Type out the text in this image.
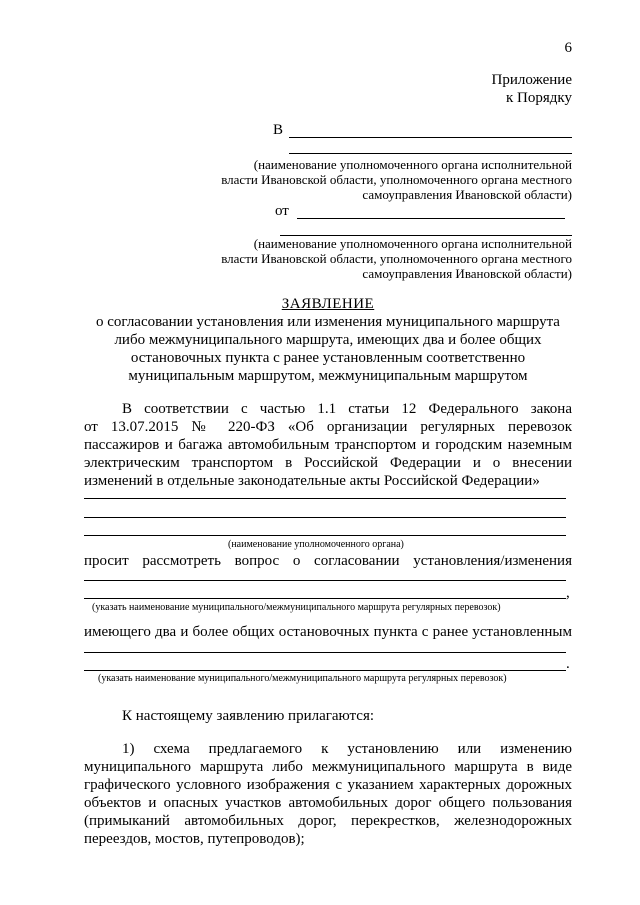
6
Приложение
к Порядку
В
(наименование уполномоченного органа исполнительной
власти Ивановской области, уполномоченного органа местного
самоуправления Ивановской области)
от
(наименование уполномоченного органа исполнительной
власти Ивановской области, уполномоченного органа местного
самоуправления Ивановской области)
ЗАЯВЛЕНИЕ
о согласовании установления или изменения муниципального маршрута
либо межмуниципального маршрута, имеющих два и более общих
остановочных пункта с ранее установленным соответственно
муниципальным маршрутом, межмуниципальным маршрутом
В соответствии с частью 1.1 статьи 12 Федерального закона
от 13.07.2015 № 220-ФЗ «Об организации регулярных перевозок
пассажиров и багажа автомобильным транспортом и городским наземным
электрическим транспортом в Российской Федерации и о внесении
изменений в отдельные законодательные акты Российской Федерации»
(наименование уполномоченного органа)
просит рассмотреть вопрос о согласовании установления/изменения
,
(указать наименование муниципального/межмуниципального маршрута регулярных перевозок)
имеющего два и более общих остановочных пункта с ранее установленным
.
(указать наименование муниципального/межмуниципального маршрута регулярных перевозок)
К настоящему заявлению прилагаются:
1) схема предлагаемого к установлению или изменению
муниципального маршрута либо межмуниципального маршрута в виде
графического условного изображения с указанием характерных дорожных
объектов и опасных участков автомобильных дорог общего пользования
(примыканий автомобильных дорог, перекрестков, железнодорожных
переездов, мостов, путепроводов);
